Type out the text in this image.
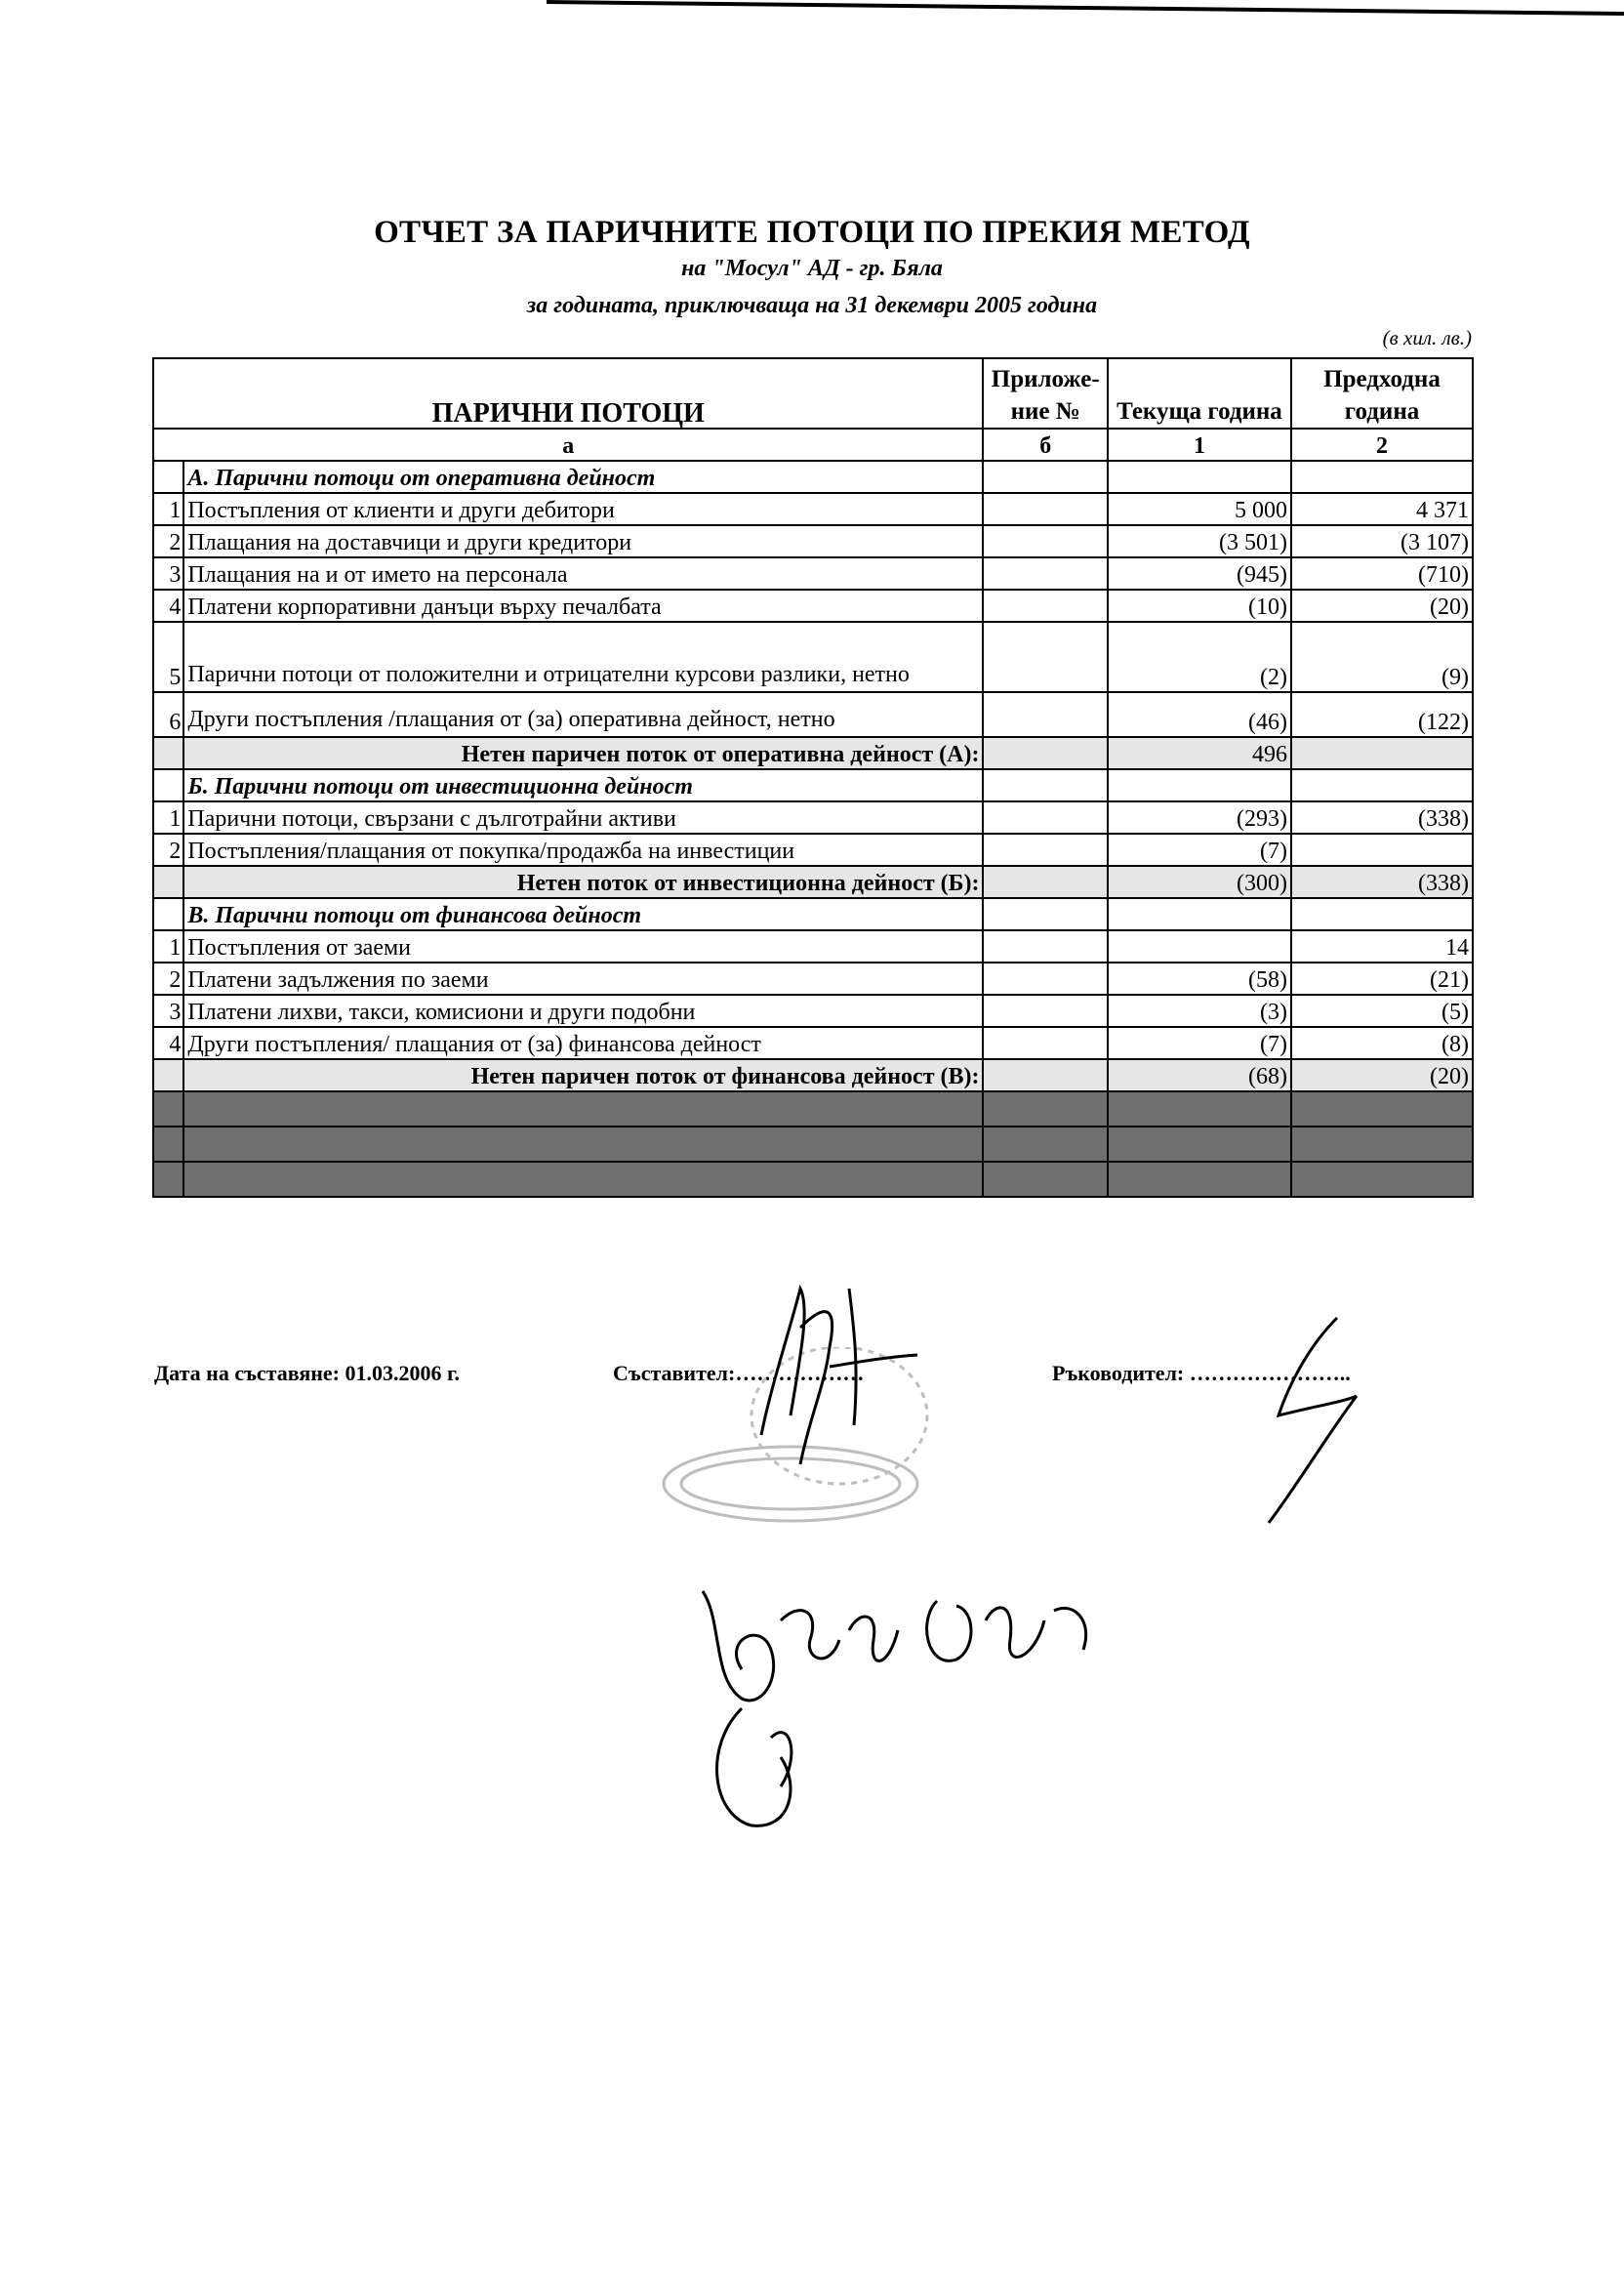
ОТЧЕТ ЗА ПАРИЧНИТЕ ПОТОЦИ ПО ПРЕКИЯ МЕТОД
на "Мосул" АД - гр. Бяла
за годината, приключваща на 31 декември 2005 година
(в хил. лв.)
ПАРИЧНИ ПОТОЦИ		Приложе-ние №	Текуща година	Предходна година
а		б	1	2
	А. Парични потоци от оперативна дейност			
1	Постъпления от клиенти и други дебитори		5 000	4 371
2	Плащания на доставчици и други кредитори		(3 501)	(3 107)
3	Плащания на и от името на персонала		(945)	(710)
4	Платени корпоративни данъци върху печалбата		(10)	(20)
5	Парични потоци от положителни и отрицателни курсови разлики, нетно		(2)	(9)
6	Други постъпления /плащания от (за) оперативна дейност, нетно		(46)	(122)
	Нетен паричен поток от оперативна дейност (А):		496	
	Б. Парични потоци от инвестиционна дейност			
1	Парични потоци, свързани с дълготрайни активи		(293)	(338)
2	Постъпления/плащания от покупка/продажба на инвестиции		(7)	
	Нетен поток от инвестиционна дейност (Б):		(300)	(338)
	В. Парични потоци от финансова дейност			
1	Постъпления от заеми			14
2	Платени задължения по заеми		(58)	(21)
3	Платени лихви, такси, комисиони и други подобни		(3)	(5)
4	Други постъпления/ плащания от (за) финансова дейност		(7)	(8)
	Нетен паричен поток от финансова дейност (В):		(68)	(20)

Дата на съставяне: 01.03.2006 г.	Съставител:………………	Ръководител: …………………..
